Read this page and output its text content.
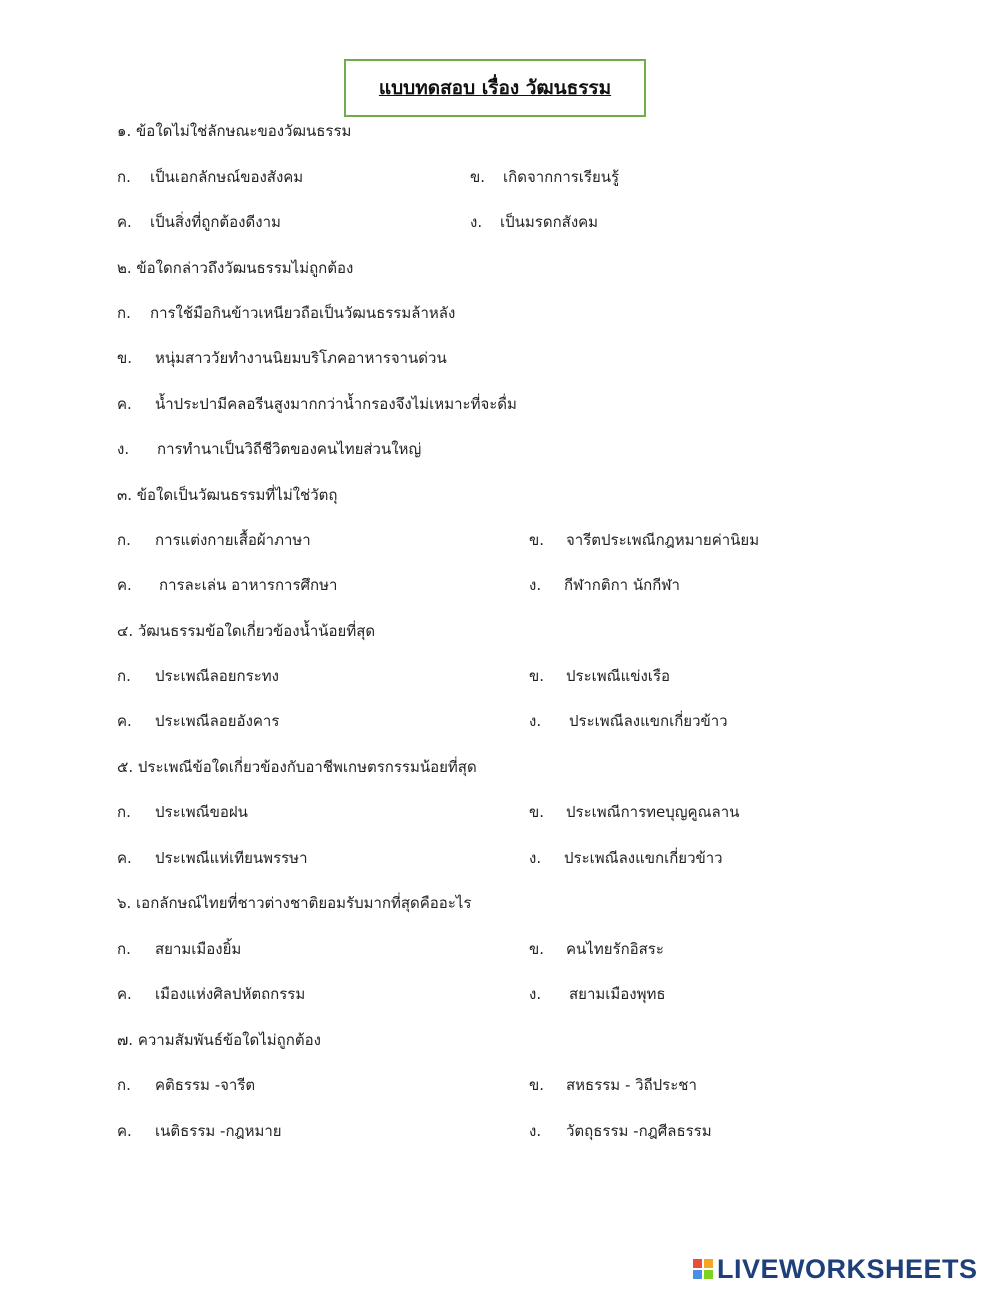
แบบทดสอบ เรื่อง วัฒนธรรม
๑. ข้อใดไม่ใช่ลักษณะของวัฒนธรรม
ก. เป็นเอกลักษณ์ของสังคม	ข. เกิดจากการเรียนรู้
ค. เป็นสิ่งที่ถูกต้องดีงาม	ง. เป็นมรดกสังคม
๒. ข้อใดกล่าวถึงวัฒนธรรมไม่ถูกต้อง
ก. การใช้มือกินข้าวเหนียวถือเป็นวัฒนธรรมล้าหลัง
ข. หนุ่มสาววัยทำงานนิยมบริโภคอาหารจานด่วน
ค. น้ำประปามีคลอรีนสูงมากกว่าน้ำกรองจึงไม่เหมาะที่จะดื่ม
ง. การทำนาเป็นวิถีชีวิตของคนไทยส่วนใหญ่
๓. ข้อใดเป็นวัฒนธรรมที่ไม่ใช่วัตถุ
ก. การแต่งกายเสื้อผ้าภาษา	ข. จารีตประเพณีกฎหมายค่านิยม
ค. การละเล่น อาหารการศึกษา	ง. กีฬากติกา นักกีฬา
๔. วัฒนธรรมข้อใดเกี่ยวข้องน้ำน้อยที่สุด
ก. ประเพณีลอยกระทง	ข. ประเพณีแข่งเรือ
ค. ประเพณีลอยอังคาร	ง. ประเพณีลงแขกเกี่ยวข้าว
๕. ประเพณีข้อใดเกี่ยวข้องกับอาชีพเกษตรกรรมน้อยที่สุด
ก. ประเพณีขอฝน	ข. ประเพณีการทeบุญคูณลาน
ค. ประเพณีแห่เทียนพรรษา	ง. ประเพณีลงแขกเกี่ยวข้าว
๖. เอกลักษณ์ไทยที่ชาวต่างชาติยอมรับมากที่สุดคืออะไร
ก. สยามเมืองยิ้ม	ข. คนไทยรักอิสระ
ค. เมืองแห่งศิลปหัตถกรรม	ง. สยามเมืองพุทธ
๗. ความสัมพันธ์ข้อใดไม่ถูกต้อง
ก. คติธรรม -จารีต	ข. สหธรรม - วิถีประชา
ค. เนติธรรม -กฎหมาย	ง. วัตถุธรรม -กฎศีลธรรม
LIVEWORKSHEETS
